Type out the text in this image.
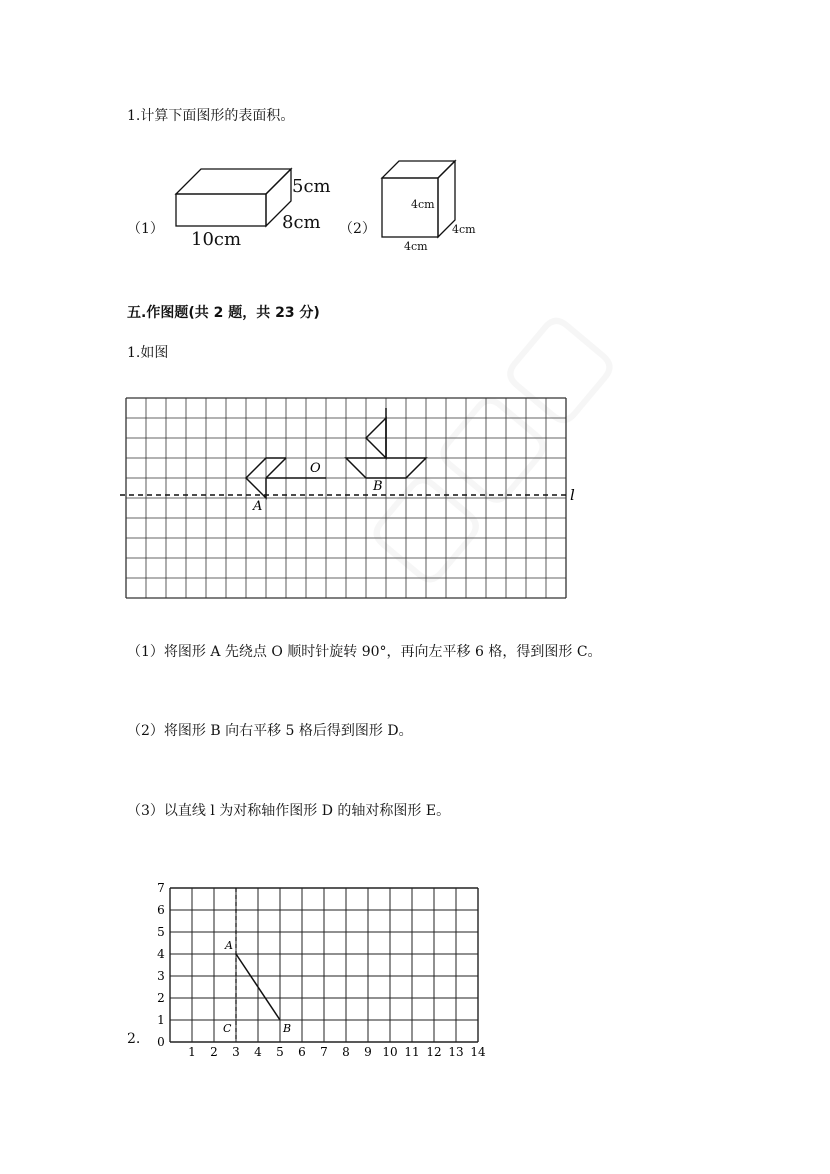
1.计算下面图形的表面积。
（1）
5cm
8cm
10cm	（2）
4cm
4cm
4cm
五.作图题(共 2 题，共 23 分)
1.如图
O
A
B	l
（1）将图形 A 先绕点 O 顺时针旋转 90°，再向左平移 6 格，得到图形 C。
（2）将图形 B 向右平移 5 格后得到图形 D。
（3）以直线 l 为对称轴作图形 D 的轴对称图形 E。
2.
1 2 3 4 5 6 7 8 9 10 11 12 13 14
0
1
2
3
4
5
6
7
A
B
C
